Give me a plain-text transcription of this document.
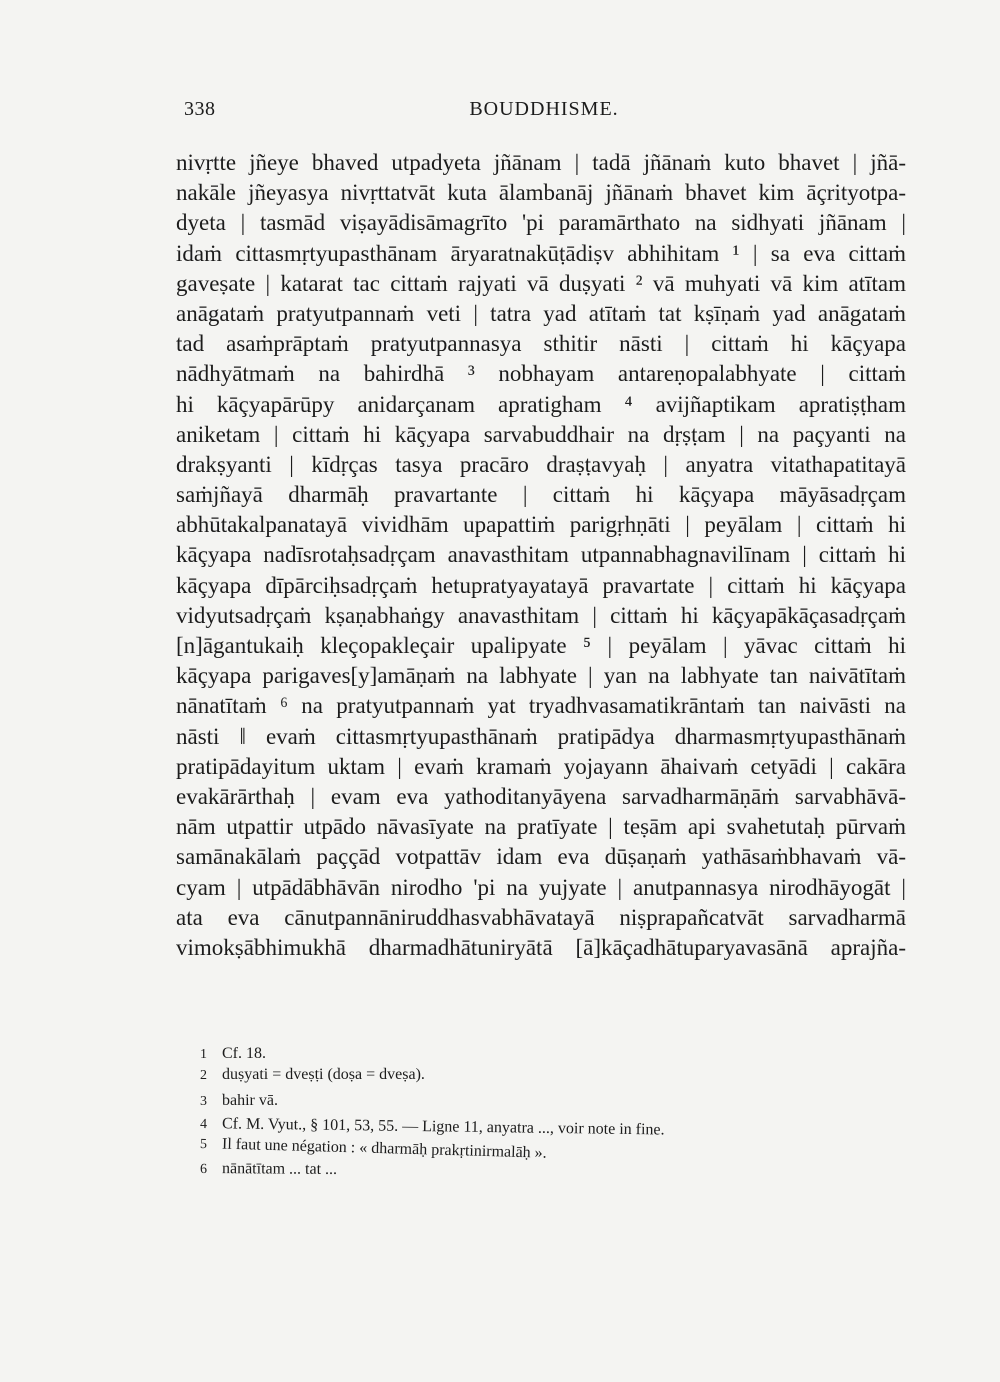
338	BOUDDHISME.
nivṛtte jñeye bhaved utpadyeta jñānam | tadā jñānaṁ kuto bhavet | jñā-
nakāle jñeyasya nivṛttatvāt kuta ālambanāj jñānaṁ bhavet kim āçrityotpa-
dyeta | tasmād viṣayādisāmagrīto 'pi paramārthato na sidhyati jñānam |
idaṁ cittasmṛtyupasthānam āryaratnakūṭādiṣv abhihitam ¹ | sa eva cittaṁ
gaveṣate | katarat tac cittaṁ rajyati vā duṣyati ² vā muhyati vā kim atītam
anāgataṁ pratyutpannaṁ veti | tatra yad atītaṁ tat kṣīṇaṁ yad anāgataṁ
tad asaṁprāptaṁ pratyutpannasya sthitir nāsti | cittaṁ hi kāçyapa
nādhyātmaṁ na bahirdhā ³ nobhayam antareṇopalabhyate | cittaṁ
hi kāçyapārūpy anidarçanam apratigham ⁴ avijñaptikam apratiṣṭham
aniketam | cittaṁ hi kāçyapa sarvabuddhair na dṛṣṭam | na paçyanti na
drakṣyanti | kīdṛças tasya pracāro draṣṭavyaḥ | anyatra vitathapatitayā
saṁjñayā dharmāḥ pravartante | cittaṁ hi kāçyapa māyāsadṛçam
abhūtakalpanatayā vividhām upapattiṁ parigṛhṇāti | peyālam | cittaṁ hi
kāçyapa nadīsrotaḥsadṛçam anavasthitam utpannabhagnavilīnam | cittaṁ hi
kāçyapa dīpārciḥsadṛçaṁ hetupratyayatayā pravartate | cittaṁ hi kāçyapa
vidyutsadṛçaṁ kṣaṇabhaṅgy anavasthitam | cittaṁ hi kāçyapākāçasadṛçaṁ
[n]āgantukaiḥ kleçopakleçair upalipyate ⁵ | peyālam | yāvac cittaṁ hi
kāçyapa parigaves[y]amāṇaṁ na labhyate | yan na labhyate tan naivātītaṁ
nānatītaṁ ⁶ na pratyutpannaṁ yat tryadhvasamatikrāntaṁ tan naivāsti na
nāsti ‖ evaṁ cittasmṛtyupasthānaṁ pratipādya dharmasmṛtyupasthānaṁ
pratipādayitum uktam | evaṁ kramaṁ yojayann āhaivaṁ cetyādi | cakāra
evakārārthaḥ | evam eva yathoditanyāyena sarvadharmāṇāṁ sarvabhāvā-
nām utpattir utpādo nāvasīyate na pratīyate | teṣām api svahetutaḥ pūrvaṁ
samānakālaṁ paççād votpattāv idam eva dūṣaṇaṁ yathāsaṁbhavaṁ vā-
cyam | utpādābhāvān nirodho 'pi na yujyate | anutpannasya nirodhāyogāt |
ata eva cānutpannāniruddhasvabhāvatayā niṣprapañcatvāt sarvadharmā
vimokṣābhimukhā dharmadhātuniryātā [ā]kāçadhātuparyavasānā aprajña-
1 Cf. 18.
2 duṣyati = dveṣṭi (doṣa = dveṣa).
3 bahir vā.
4 Cf. M. Vyut., § 101, 53, 55. — Ligne 11, anyatra ..., voir note in fine.
5 Il faut une négation : « dharmāḥ prakṛtinirmalāḥ ».
6 nānātītam ... tat ...
